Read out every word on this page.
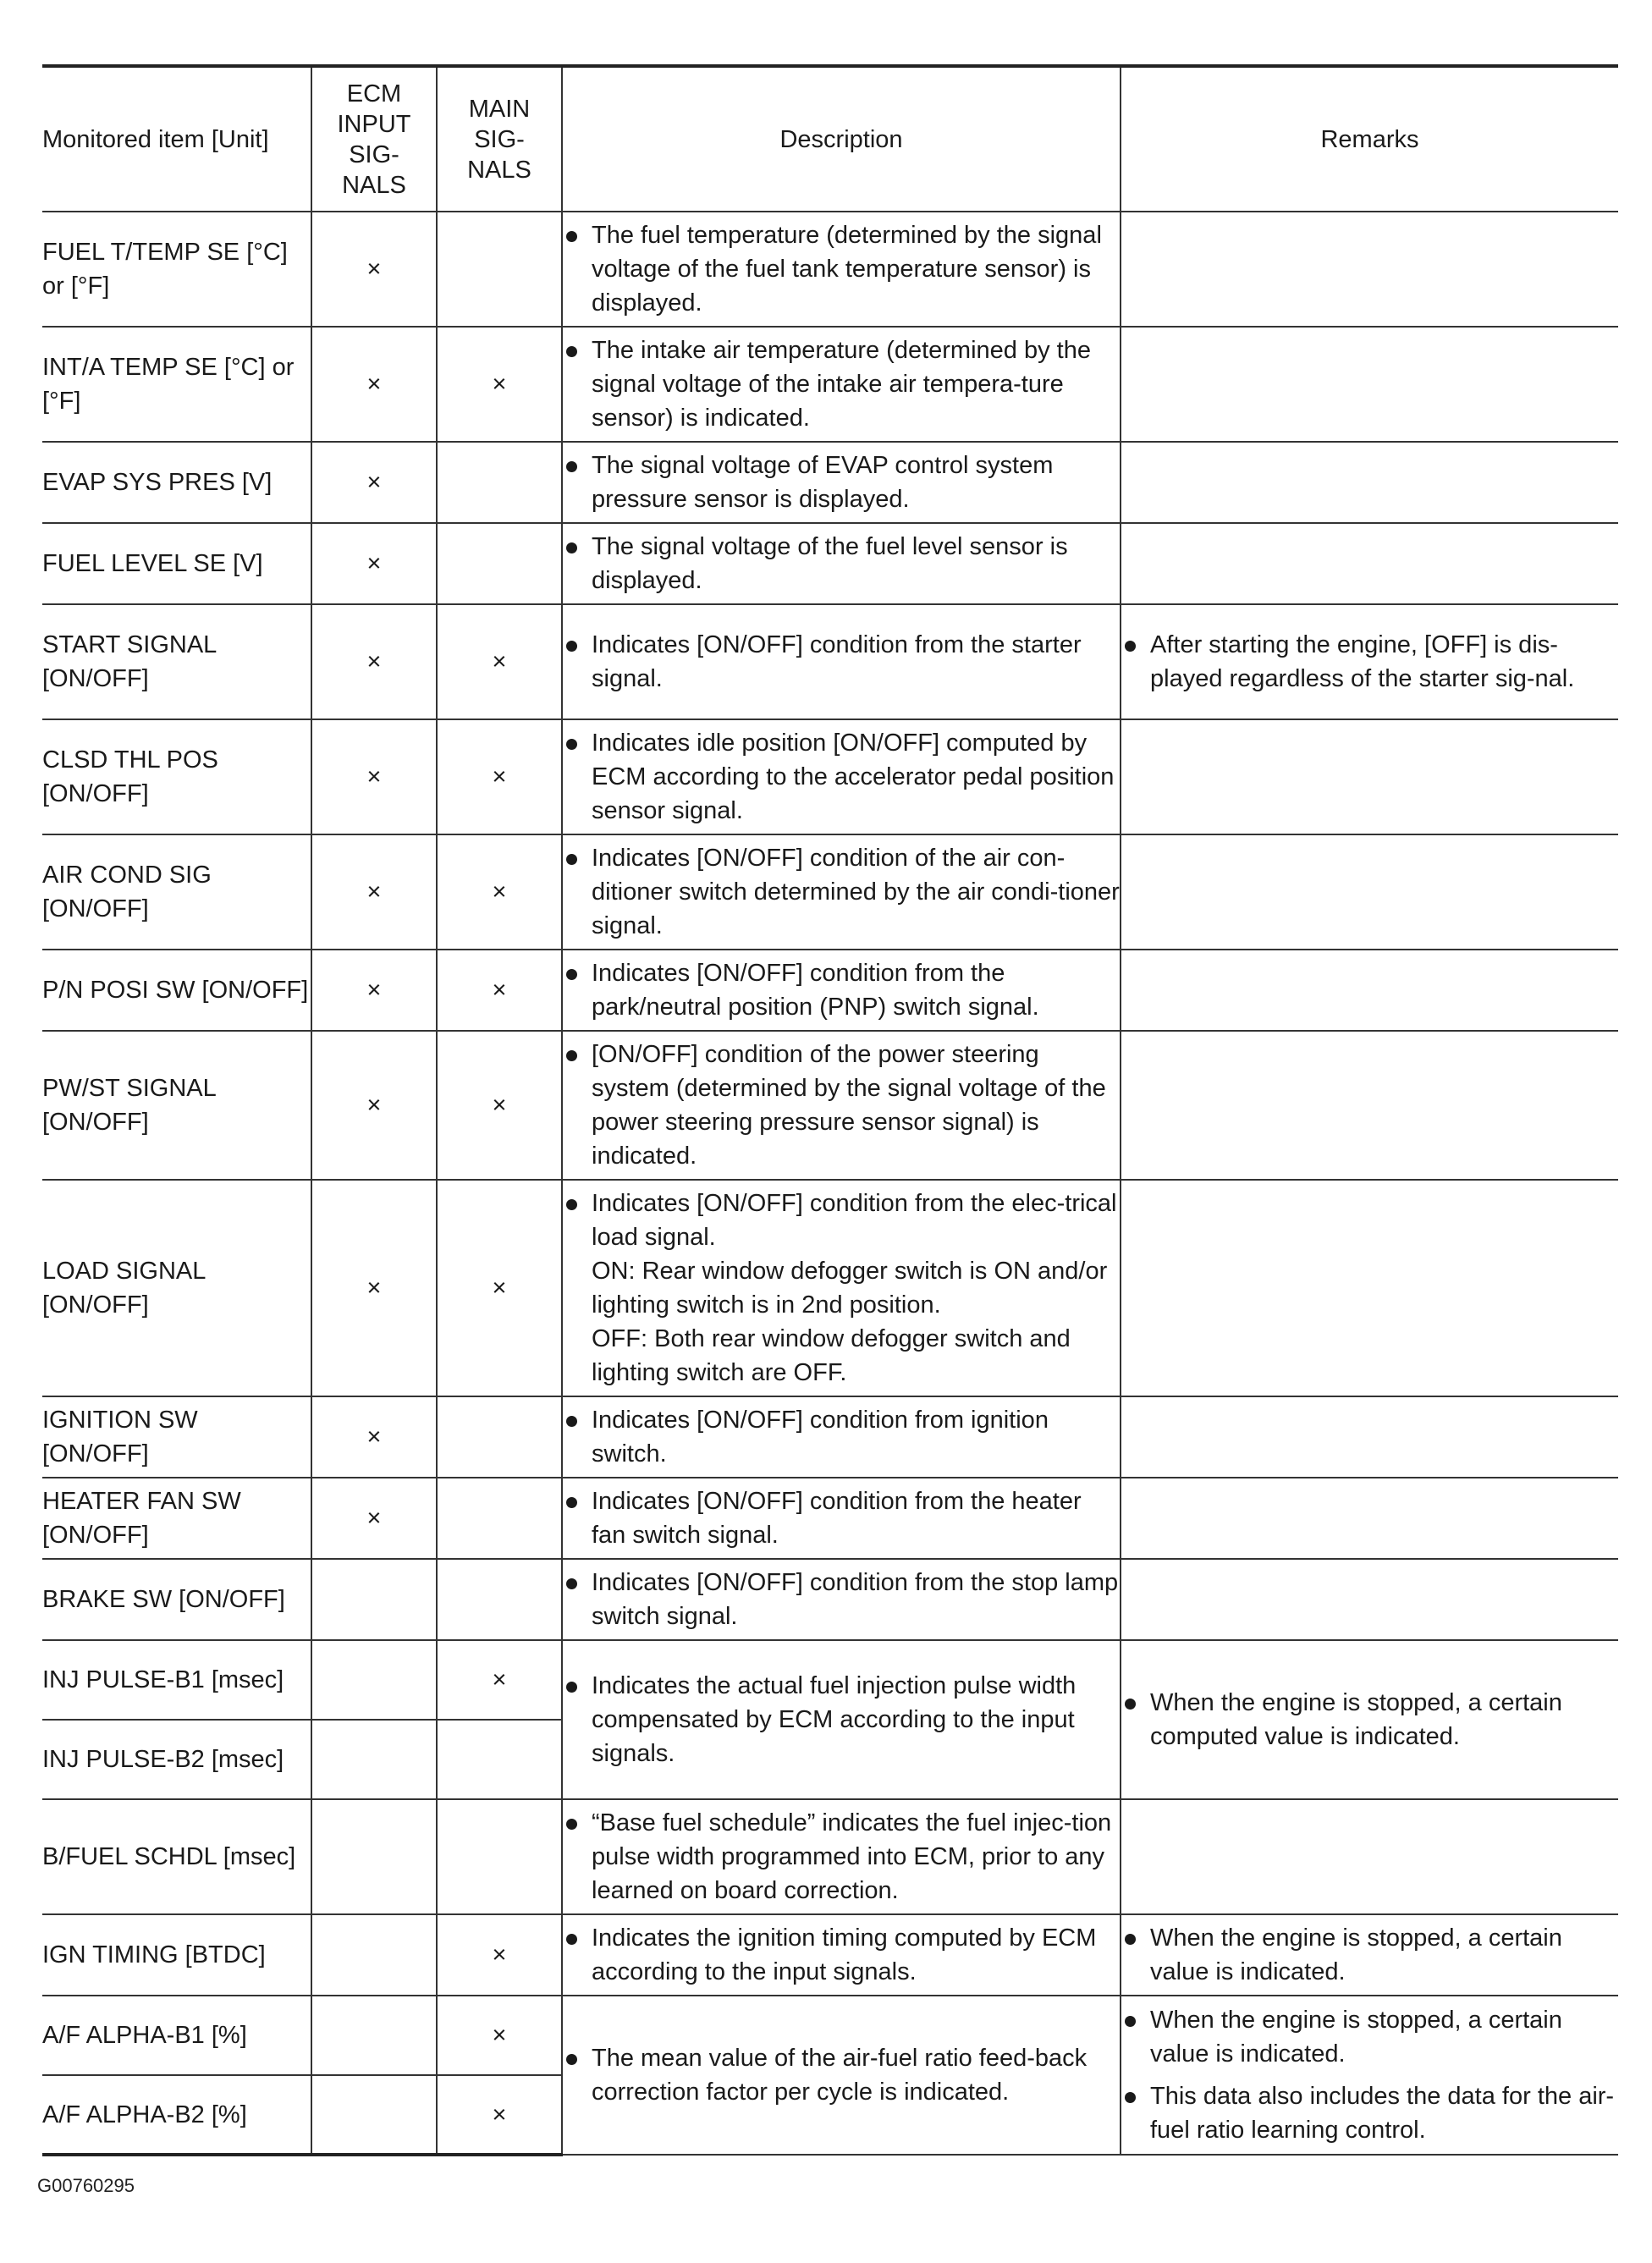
Monitored item [Unit]	ECM INPUT SIG-NALS	MAIN SIG-NALS	Description	Remarks
FUEL T/TEMP SE [°C] or [°F]	×		The fuel temperature (determined by the signal voltage of the fuel tank temperature sensor) is displayed.	

INT/A TEMP SE [°C] or [°F]	×	×	The intake air temperature (determined by the signal voltage of the intake air tempera-ture sensor) is indicated.	

EVAP SYS PRES [V]	×		The signal voltage of EVAP control system pressure sensor is displayed.	

FUEL LEVEL SE [V]	×		The signal voltage of the fuel level sensor is displayed.	

START SIGNAL [ON/OFF]	×	×	Indicates [ON/OFF] condition from the starter signal.	After starting the engine, [OFF] is dis-played regardless of the starter sig-nal.

CLSD THL POS [ON/OFF]	×	×	Indicates idle position [ON/OFF] computed by ECM according to the accelerator pedal position sensor signal.	

AIR COND SIG [ON/OFF]	×	×	Indicates [ON/OFF] condition of the air con-ditioner switch determined by the air condi-tioner signal.	

P/N POSI SW [ON/OFF]	×	×	Indicates [ON/OFF] condition from the park/neutral position (PNP) switch signal.	

PW/ST SIGNAL [ON/OFF]	×	×	[ON/OFF] condition of the power steering system (determined by the signal voltage of the power steering pressure sensor signal) is indicated.	

LOAD SIGNAL [ON/OFF]	×	×	Indicates [ON/OFF] condition from the elec-trical load signal.
ON: Rear window defogger switch is ON and/or lighting switch is in 2nd position.
OFF: Both rear window defogger switch and lighting switch are OFF.	

IGNITION SW [ON/OFF]	×		Indicates [ON/OFF] condition from ignition switch.	

HEATER FAN SW [ON/OFF]	×		Indicates [ON/OFF] condition from the heater fan switch signal.	

BRAKE SW [ON/OFF]			Indicates [ON/OFF] condition from the stop lamp switch signal.	

INJ PULSE-B1 [msec]		×	Indicates the actual fuel injection pulse width compensated by ECM according to the input signals.	When the engine is stopped, a certain computed value is indicated.

INJ PULSE-B2 [msec]				
B/FUEL SCHDL [msec]			“Base fuel schedule” indicates the fuel injec-tion pulse width programmed into ECM, prior to any learned on board correction.	

IGN TIMING [BTDC]		×	Indicates the ignition timing computed by ECM according to the input signals.	When the engine is stopped, a certain value is indicated.

A/F ALPHA-B1 [%]		×	The mean value of the air-fuel ratio feed-back correction factor per cycle is indicated.	When the engine is stopped, a certain value is indicated.
This data also includes the data for the air-fuel ratio learning control.

A/F ALPHA-B2 [%]		×		
G00760295
